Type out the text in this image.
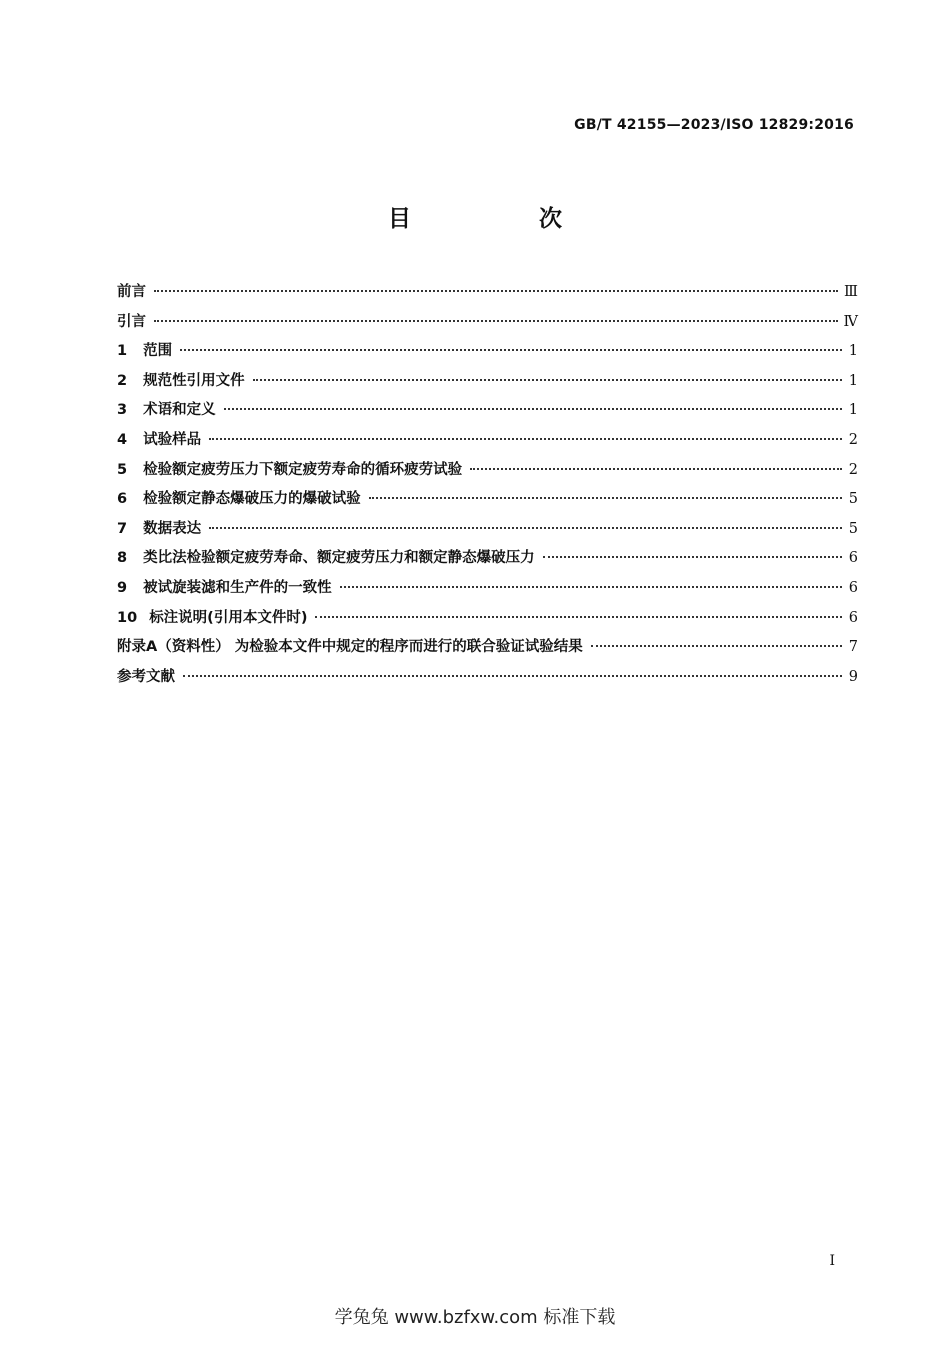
GB/T 42155—2023/ISO 12829:2016
目 次
前言	Ⅲ
引言	Ⅳ
1 范围	1
2 规范性引用文件	1
3 术语和定义	1
4 试验样品	2
5 检验额定疲劳压力下额定疲劳寿命的循环疲劳试验	2
6 检验额定静态爆破压力的爆破试验	5
7 数据表达	5
8 类比法检验额定疲劳寿命、额定疲劳压力和额定静态爆破压力	6
9 被试旋装滤和生产件的一致性	6
10 标注说明(引用本文件时)	6
附录A（资料性） 为检验本文件中规定的程序而进行的联合验证试验结果	7
参考文献	9
I
学兔兔 www.bzfxw.com 标准下载
